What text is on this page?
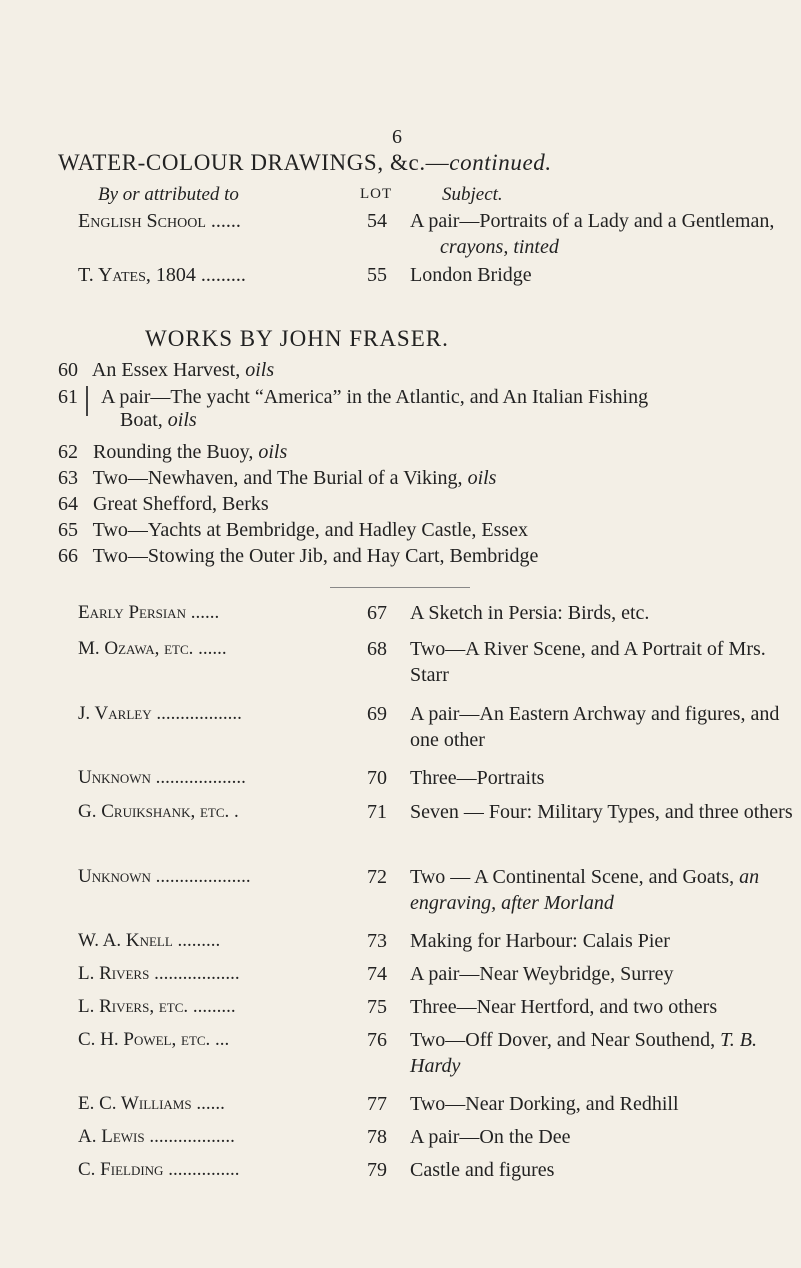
6
WATER-COLOUR DRAWINGS, &c.—continued.
By or attributed to	LOT	Subject.
English School ......	54 A pair—Portraits of a Lady and a Gentleman,
crayons, tinted
T. Yates, 1804 .........	55 London Bridge
WORKS BY JOHN FRASER.
60 An Essex Harvest, oils
61 A pair—The yacht “America” in the Atlantic, and An Italian Fishing
Boat, oils
62 Rounding the Buoy, oils
63 Two—Newhaven, and The Burial of a Viking, oils
64 Great Shefford, Berks
65 Two—Yachts at Bembridge, and Hadley Castle, Essex
66 Two—Stowing the Outer Jib, and Hay Cart, Bembridge
Early Persian ......	67 A Sketch in Persia: Birds, etc.
M. Ozawa, etc. ......	68 Two—A River Scene, and A Portrait of Mrs. Starr
J. Varley ..................	69 A pair—An Eastern Archway and figures, and one other
Unknown ...................	70 Three—Portraits
G. Cruikshank, etc. .	71 Seven — Four: Military Types, and three others
Unknown ....................	72 Two — A Continental Scene, and Goats, an engraving, after Morland
W. A. Knell .........	73 Making for Harbour: Calais Pier
L. Rivers ..................	74 A pair—Near Weybridge, Surrey
L. Rivers, etc. .........	75 Three—Near Hertford, and two others
C. H. Powel, etc. ...	76 Two—Off Dover, and Near Southend, T. B. Hardy
E. C. Williams ......	77 Two—Near Dorking, and Redhill
A. Lewis ..................	78 A pair—On the Dee
C. Fielding ...............	79 Castle and figures
